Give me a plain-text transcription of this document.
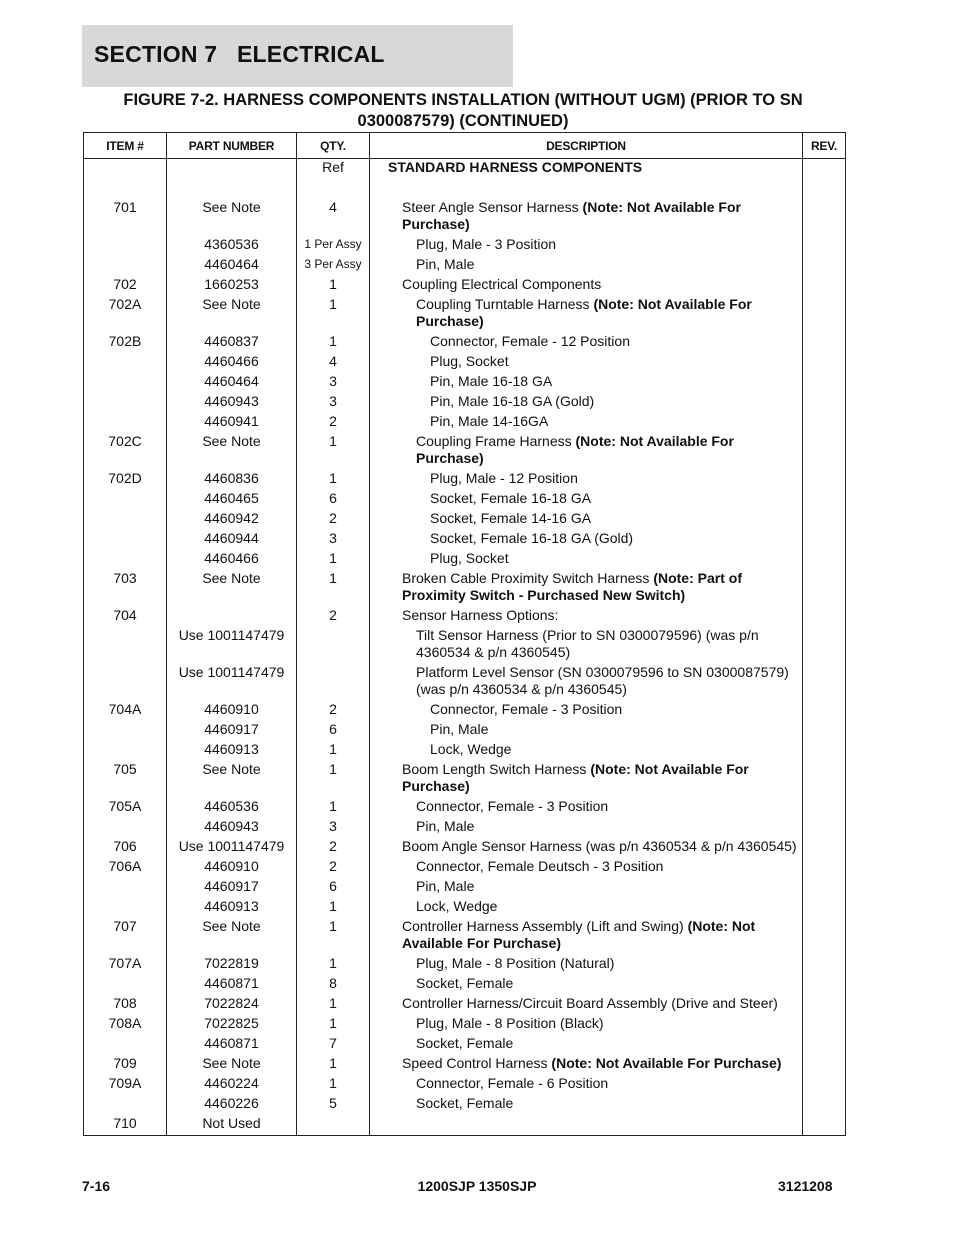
SECTION 7   ELECTRICAL
FIGURE 7-2. HARNESS COMPONENTS INSTALLATION (WITHOUT UGM) (PRIOR TO SN
0300087579) (CONTINUED)
ITEM #	PART NUMBER	QTY.	DESCRIPTION	REV.
		Ref	STANDARD HARNESS COMPONENTS	

701	See Note	4	Steer Angle Sensor Harness (Note: Not Available For Purchase)	
	4360536	1 Per Assy	Plug, Male - 3 Position	
	4460464	3 Per Assy	Pin, Male	
702	1660253	1	Coupling Electrical Components	
702A	See Note	1	Coupling Turntable Harness (Note: Not Available For Purchase)	
702B	4460837	1	Connector, Female - 12 Position	
	4460466	4	Plug, Socket	
	4460464	3	Pin, Male 16-18 GA	
	4460943	3	Pin, Male 16-18 GA (Gold)	
	4460941	2	Pin, Male 14-16GA	
702C	See Note	1	Coupling Frame Harness (Note: Not Available For Purchase)	
702D	4460836	1	Plug, Male - 12 Position	
	4460465	6	Socket, Female 16-18 GA	
	4460942	2	Socket, Female 14-16 GA	
	4460944	3	Socket, Female 16-18 GA (Gold)	
	4460466	1	Plug, Socket	
703	See Note	1	Broken Cable Proximity Switch Harness (Note: Part of Proximity Switch - Purchased New Switch)	
704		2	Sensor Harness Options:	
	Use 1001147479		Tilt Sensor Harness (Prior to SN 0300079596) (was p/n 4360534 & p/n 4360545)	
	Use 1001147479		Platform Level Sensor (SN 0300079596 to SN 0300087579) (was p/n 4360534 & p/n 4360545)	
704A	4460910	2	Connector, Female - 3 Position	
	4460917	6	Pin, Male	
	4460913	1	Lock, Wedge	
705	See Note	1	Boom Length Switch Harness (Note: Not Available For Purchase)	
705A	4460536	1	Connector, Female - 3 Position	
	4460943	3	Pin, Male	
706	Use 1001147479	2	Boom Angle Sensor Harness (was p/n 4360534 & p/n 4360545)	
706A	4460910	2	Connector, Female Deutsch - 3 Position	
	4460917	6	Pin, Male	
	4460913	1	Lock, Wedge	
707	See Note	1	Controller Harness Assembly (Lift and Swing) (Note: Not Available For Purchase)	
707A	7022819	1	Plug, Male - 8 Position (Natural)	
	4460871	8	Socket, Female	
708	7022824	1	Controller Harness/Circuit Board Assembly (Drive and Steer)	
708A	7022825	1	Plug, Male - 8 Position (Black)	
	4460871	7	Socket, Female	
709	See Note	1	Speed Control Harness (Note: Not Available For Purchase)	
709A	4460224	1	Connector, Female - 6 Position	
	4460226	5	Socket, Female	
710	Not Used			
7-16	1200SJP 1350SJP	3121208
